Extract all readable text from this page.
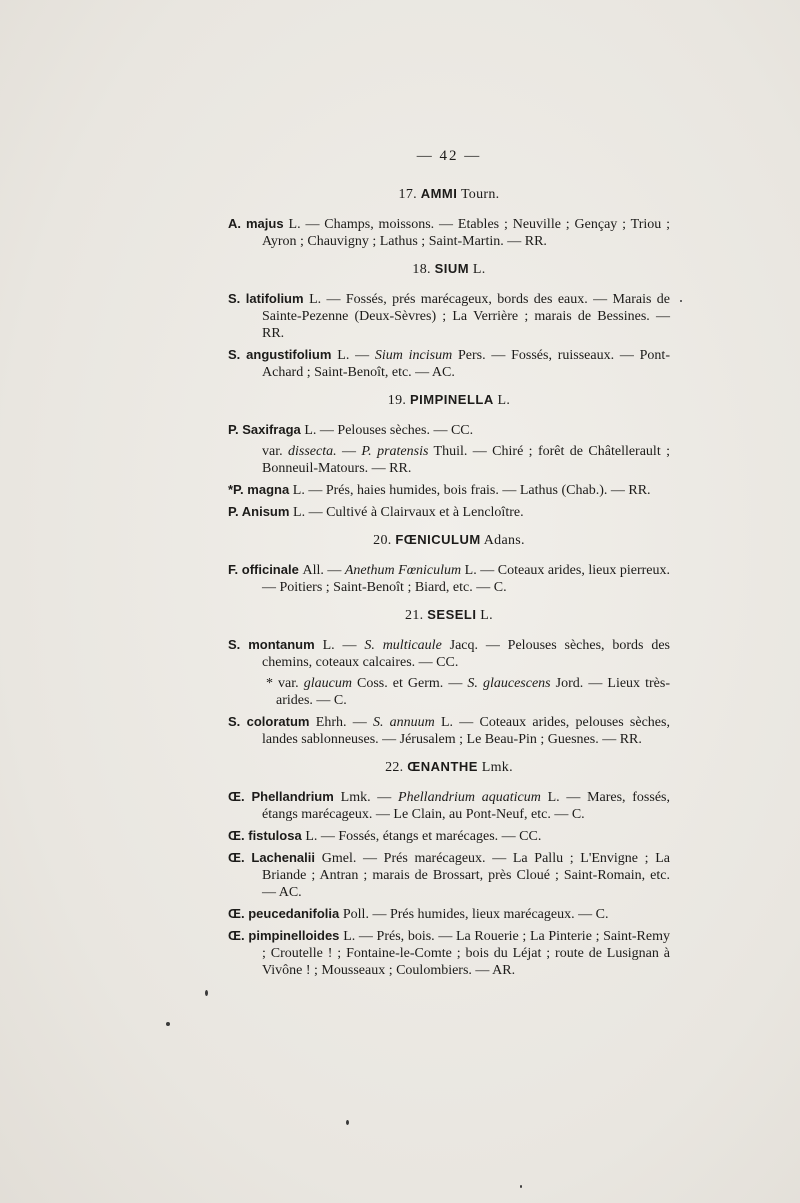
— 42 —
17. AMMI Tourn.
A. majus L. — Champs, moissons. — Etables ; Neuville ; Gençay ; Triou ; Ayron ; Chauvigny ; Lathus ; Saint-Martin. — RR.
18. SIUM L.
S. latifolium L. — Fossés, prés marécageux, bords des eaux. — Marais de Sainte-Pezenne (Deux-Sèvres) ; La Verrière ; marais de Bessines. — RR.
S. angustifolium L. — Sium incisum Pers. — Fossés, ruisseaux. — Pont-Achard ; Saint-Benoît, etc. — AC.
19. PIMPINELLA L.
P. Saxifraga L. — Pelouses sèches. — CC.
var. dissecta. — P. pratensis Thuil. — Chiré ; forêt de Châtellerault ; Bonneuil-Matours. — RR.
*P. magna L. — Prés, haies humides, bois frais. — Lathus (Chab.). — RR.
P. Anisum L. — Cultivé à Clairvaux et à Lencloître.
20. FŒNICULUM Adans.
F. officinale All. — Anethum Fœniculum L. — Coteaux arides, lieux pierreux. — Poitiers ; Saint-Benoît ; Biard, etc. — C.
21. SESELI L.
S. montanum L. — S. multicaule Jacq. — Pelouses sèches, bords des chemins, coteaux calcaires. — CC.
* var. glaucum Coss. et Germ. — S. glaucescens Jord. — Lieux très-arides. — C.
S. coloratum Ehrh. — S. annuum L. — Coteaux arides, pelouses sèches, landes sablonneuses. — Jérusalem ; Le Beau-Pin ; Guesnes. — RR.
22. ŒNANTHE Lmk.
Œ. Phellandrium Lmk. — Phellandrium aquaticum L. — Mares, fossés, étangs marécageux. — Le Clain, au Pont-Neuf, etc. — C.
Œ. fistulosa L. — Fossés, étangs et marécages. — CC.
Œ. Lachenalii Gmel. — Prés marécageux. — La Pallu ; L'Envigne ; La Briande ; Antran ; marais de Brossart, près Cloué ; Saint-Romain, etc. — AC.
Œ. peucedanifolia Poll. — Prés humides, lieux marécageux. — C.
Œ. pimpinelloides L. — Prés, bois. — La Rouerie ; La Pinterie ; Saint-Remy ; Croutelle ! ; Fontaine-le-Comte ; bois du Léjat ; route de Lusignan à Vivône ! ; Mousseaux ; Coulombiers. — AR.
